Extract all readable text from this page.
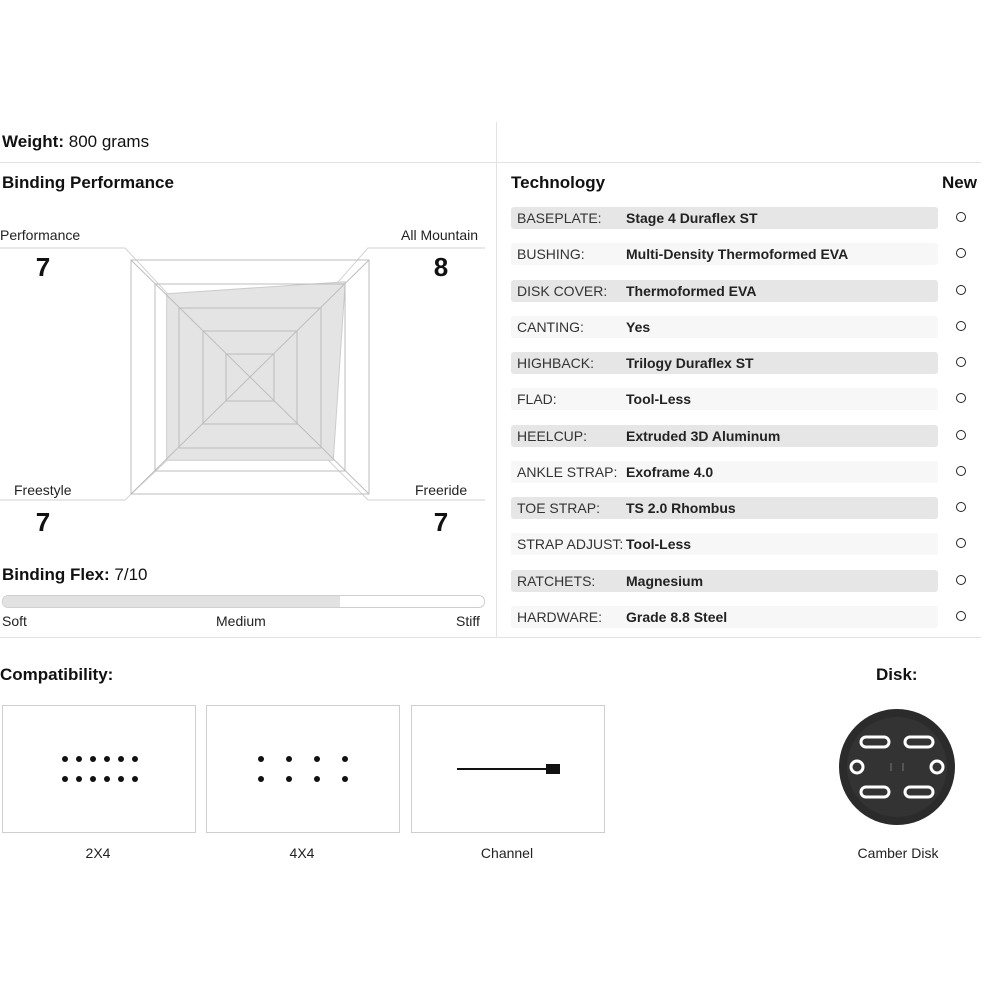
Weight: 800 grams
Binding Performance
Performance
7
All Mountain
8
Freestyle
7
Freeride
7
Binding Flex: 7/10
Soft	Medium	Stiff
Technology	New
BASEPLATE: Stage 4 Duraflex ST
BUSHING:	Multi-Density Thermoformed EVA
DISK COVER: Thermoformed EVA
CANTING:	Yes
HIGHBACK: Trilogy Duraflex ST
FLAD:	Tool-Less
HEELCUP:	Extruded 3D Aluminum
ANKLE STRAP: Exoframe 4.0
TOE STRAP: TS 2.0 Rhombus
STRAP ADJUST: Tool-Less
RATCHETS: Magnesium
HARDWARE: Grade 8.8 Steel
Compatibility:
2X4	4X4	Channel
Disk:
Camber Disk
